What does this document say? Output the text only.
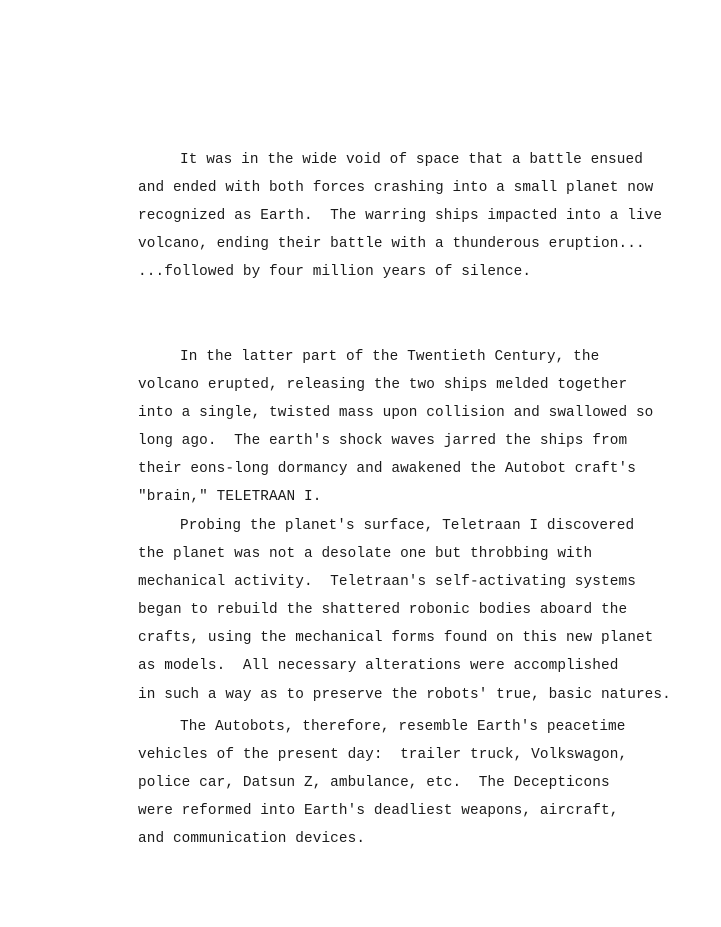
It was in the wide void of space that a battle ensued
and ended with both forces crashing into a small planet now
recognized as Earth.  The warring ships impacted into a live
volcano, ending their battle with a thunderous eruption...
...followed by four million years of silence.
In the latter part of the Twentieth Century, the
volcano erupted, releasing the two ships melded together
into a single, twisted mass upon collision and swallowed so
long ago.  The earth's shock waves jarred the ships from
their eons-long dormancy and awakened the Autobot craft's
"brain," TELETRAAN I.
Probing the planet's surface, Teletraan I discovered
the planet was not a desolate one but throbbing with
mechanical activity.  Teletraan's self-activating systems
began to rebuild the shattered robonic bodies aboard the
crafts, using the mechanical forms found on this new planet
as models.  All necessary alterations were accomplished
in such a way as to preserve the robots' true, basic natures.
The Autobots, therefore, resemble Earth's peacetime
vehicles of the present day:  trailer truck, Volkswagon,
police car, Datsun Z, ambulance, etc.  The Decepticons
were reformed into Earth's deadliest weapons, aircraft,
and communication devices.
